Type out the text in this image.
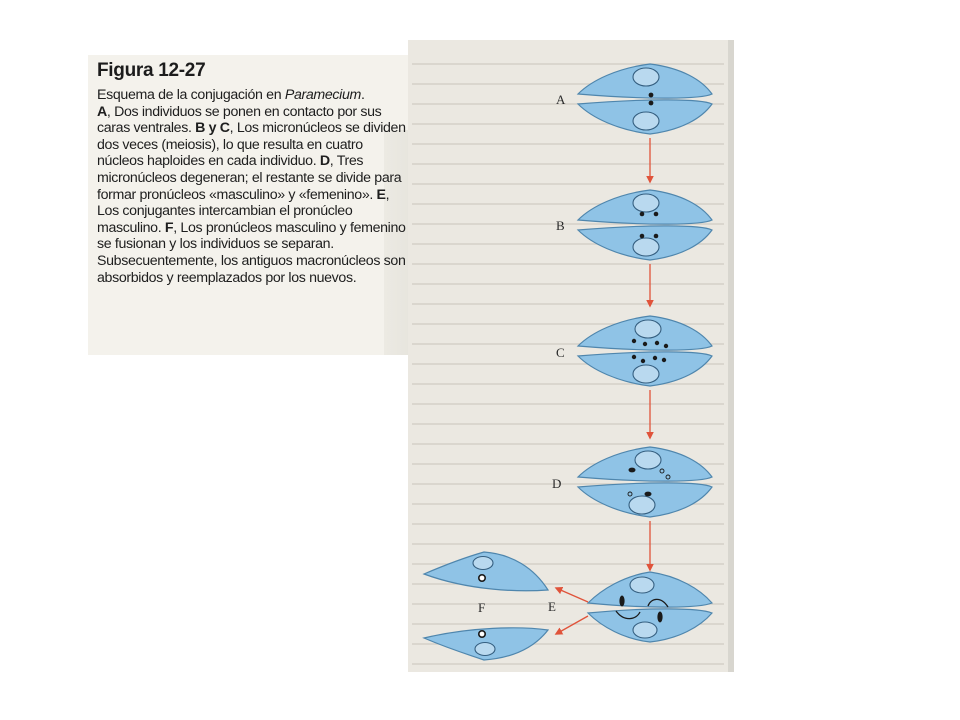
Figura 12-27

Esquema de la conjugación en Paramecium.
A, Dos individuos se ponen en contacto por sus caras ventrales. B y C, Los micronúcleos se dividen dos veces (meiosis), lo que resulta en cuatro núcleos haploides en cada individuo. D, Tres micronúcleos degeneran; el restante se divide para formar pronúcleos «masculino» y «femenino». E, Los conjugantes intercambian el pronúcleo masculino. F, Los pronúcleos masculino y femenino se fusionan y los individuos se separan. Subsecuentemente, los antiguos macronúcleos son absorbidos y reemplazados por los nuevos.

A
B
C
D
E
F
